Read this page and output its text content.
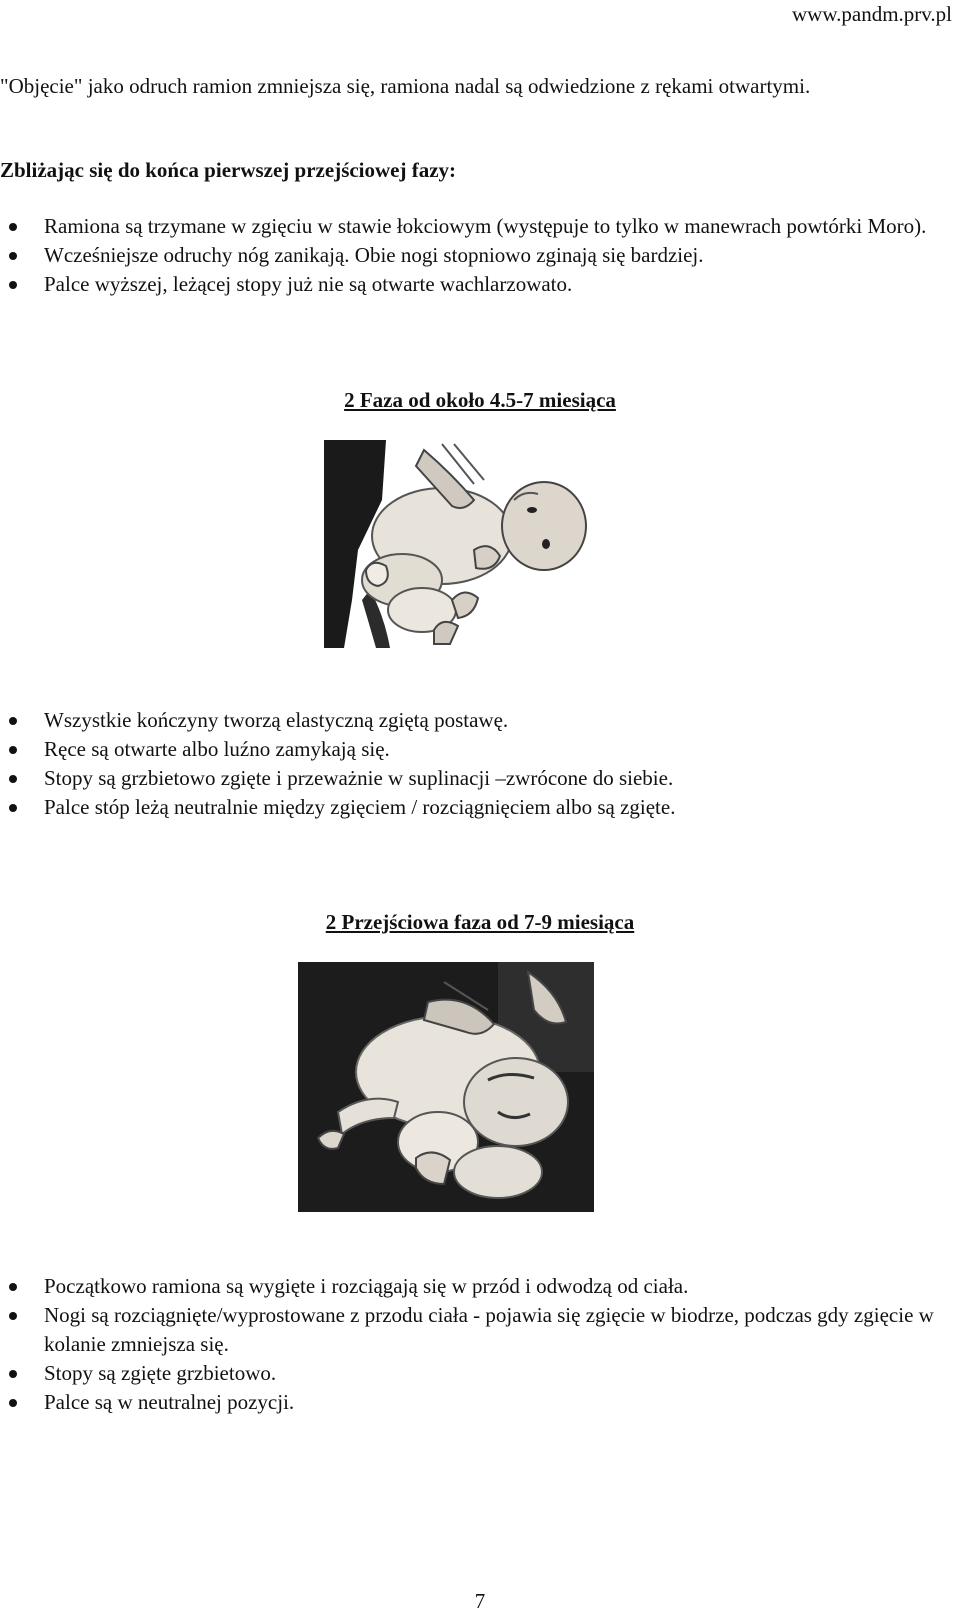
www.pandm.prv.pl
"Objęcie" jako odruch ramion zmniejsza się, ramiona nadal są odwiedzione z rękami otwartymi.
Zbliżając się do końca pierwszej przejściowej fazy:
Ramiona są trzymane w zgięciu w stawie łokciowym (występuje to tylko w manewrach powtórki Moro).
Wcześniejsze odruchy nóg zanikają. Obie nogi stopniowo zginają się bardziej.
Palce wyższej, leżącej stopy już nie są otwarte wachlarzowato.
2 Faza od około 4.5-7 miesiąca
Wszystkie kończyny tworzą elastyczną zgiętą postawę.
Ręce są otwarte albo luźno zamykają się.
Stopy są grzbietowo zgięte i przeważnie w suplinacji –zwrócone do siebie.
Palce stóp leżą neutralnie między zgięciem / rozciągnięciem albo są zgięte.
2 Przejściowa faza od 7-9 miesiąca
Początkowo ramiona są wygięte i rozciągają się w przód i odwodzą od ciała.
Nogi są rozciągnięte/wyprostowane z przodu ciała - pojawia się zgięcie w biodrze, podczas gdy zgięcie w kolanie zmniejsza się.
Stopy są zgięte grzbietowo.
Palce są w neutralnej pozycji.
7
